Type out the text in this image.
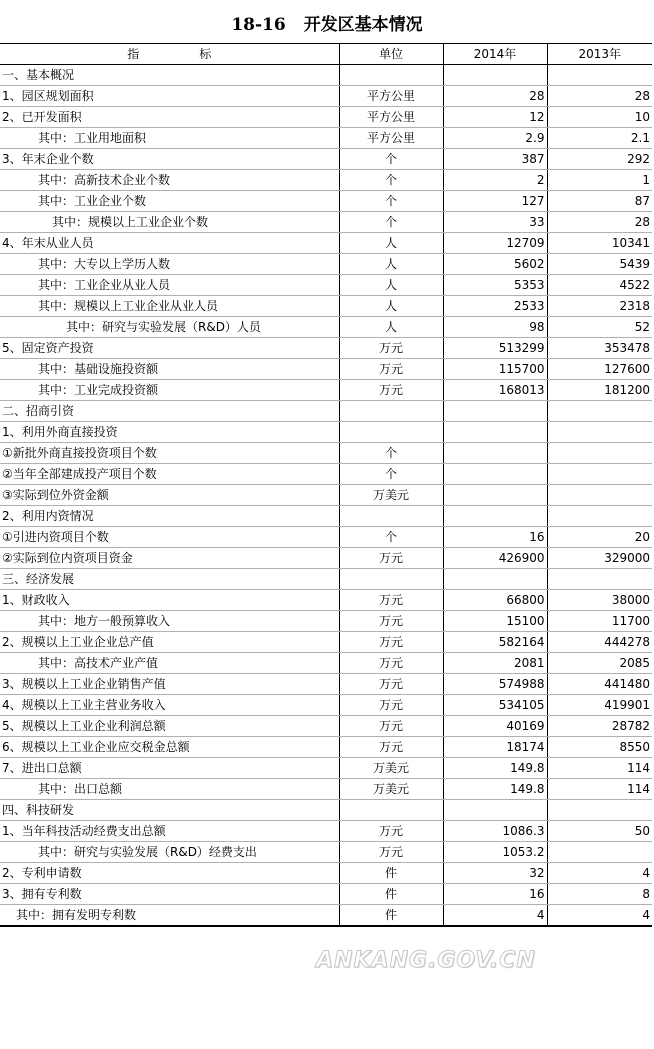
18-16 开发区基本情况
指　　　　　标	单位	2014年	2013年
一、基本概况			
1、园区规划面积	平方公里	28	28
2、已开发面积	平方公里	12	10
其中：工业用地面积	平方公里	2.9	2.1
3、年末企业个数	个	387	292
其中：高新技术企业个数	个	2	1
其中：工业企业个数	个	127	87
其中：规模以上工业企业个数	个	33	28
4、年末从业人员	人	12709	10341
其中：大专以上学历人数	人	5602	5439
其中：工业企业从业人员	人	5353	4522
其中：规模以上工业企业从业人员	人	2533	2318
其中：研究与实验发展（R&D）人员	人	98	52
5、固定资产投资	万元	513299	353478
其中：基础设施投资额	万元	115700	127600
其中：工业完成投资额	万元	168013	181200
二、招商引资			
1、利用外商直接投资			
①新批外商直接投资项目个数	个		
②当年全部建成投产项目个数	个		
③实际到位外资金额	万美元		
2、利用内资情况			
①引进内资项目个数	个	16	20
②实际到位内资项目资金	万元	426900	329000
三、经济发展			
1、财政收入	万元	66800	38000
其中：地方一般预算收入	万元	15100	11700
2、规模以上工业企业总产值	万元	582164	444278
其中：高技术产业产值	万元	2081	2085
3、规模以上工业企业销售产值	万元	574988	441480
4、规模以上工业主营业务收入	万元	534105	419901
5、规模以上工业企业利润总额	万元	40169	28782
6、规模以上工业企业应交税金总额	万元	18174	8550
7、进出口总额	万美元	149.8	114
其中：出口总额	万美元	149.8	114
四、科技研发			
1、当年科技活动经费支出总额	万元	1086.3	50
其中：研究与实验发展（R&D）经费支出	万元	1053.2	
2、专利申请数	件	32	4
3、拥有专利数	件	16	8
其中：拥有发明专利数	件	4	4
ANKANG.GOV.CN
